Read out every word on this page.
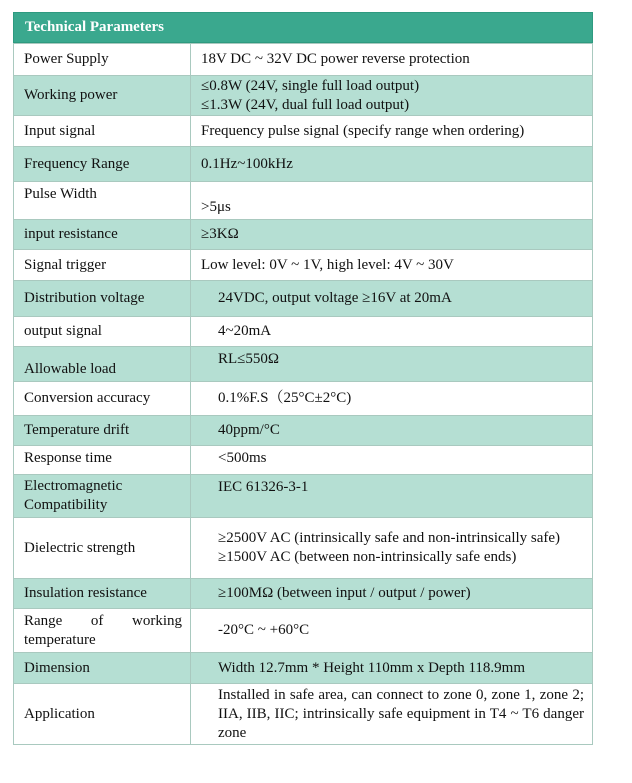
Technical Parameters
Power Supply	18V DC ~ 32V DC power reverse protection

Working power	≤0.8W (24V, single full load output)
≤1.3W (24V, dual full load output)

Input signal	Frequency pulse signal (specify range when ordering)

Frequency Range	0.1Hz~100kHz

Pulse Width	>5μs

input resistance	≥3KΩ

Signal trigger	Low level: 0V ~ 1V, high level: 4V ~ 30V

Distribution voltage	24VDC, output voltage ≥16V at 20mA

output signal	4~20mA

Allowable load	RL≤550Ω

Conversion accuracy	0.1%F.S（25°C±2°C)

Temperature drift	40ppm/°C

Response time	<500ms

Electromagnetic Compatibility	IEC 61326-3-1

Dielectric strength	≥2500V AC (intrinsically safe and non-intrinsically safe)
≥1500V AC (between non-intrinsically safe ends)

Insulation resistance	≥100MΩ (between input / output / power)

Range of working temperature	-20°C ~ +60°C

Dimension	Width 12.7mm * Height 110mm x Depth 118.9mm

Application	Installed in safe area, can connect to zone 0, zone 1, zone 2; IIA, IIB, IIC; intrinsically safe equipment in T4 ~ T6 danger zone
